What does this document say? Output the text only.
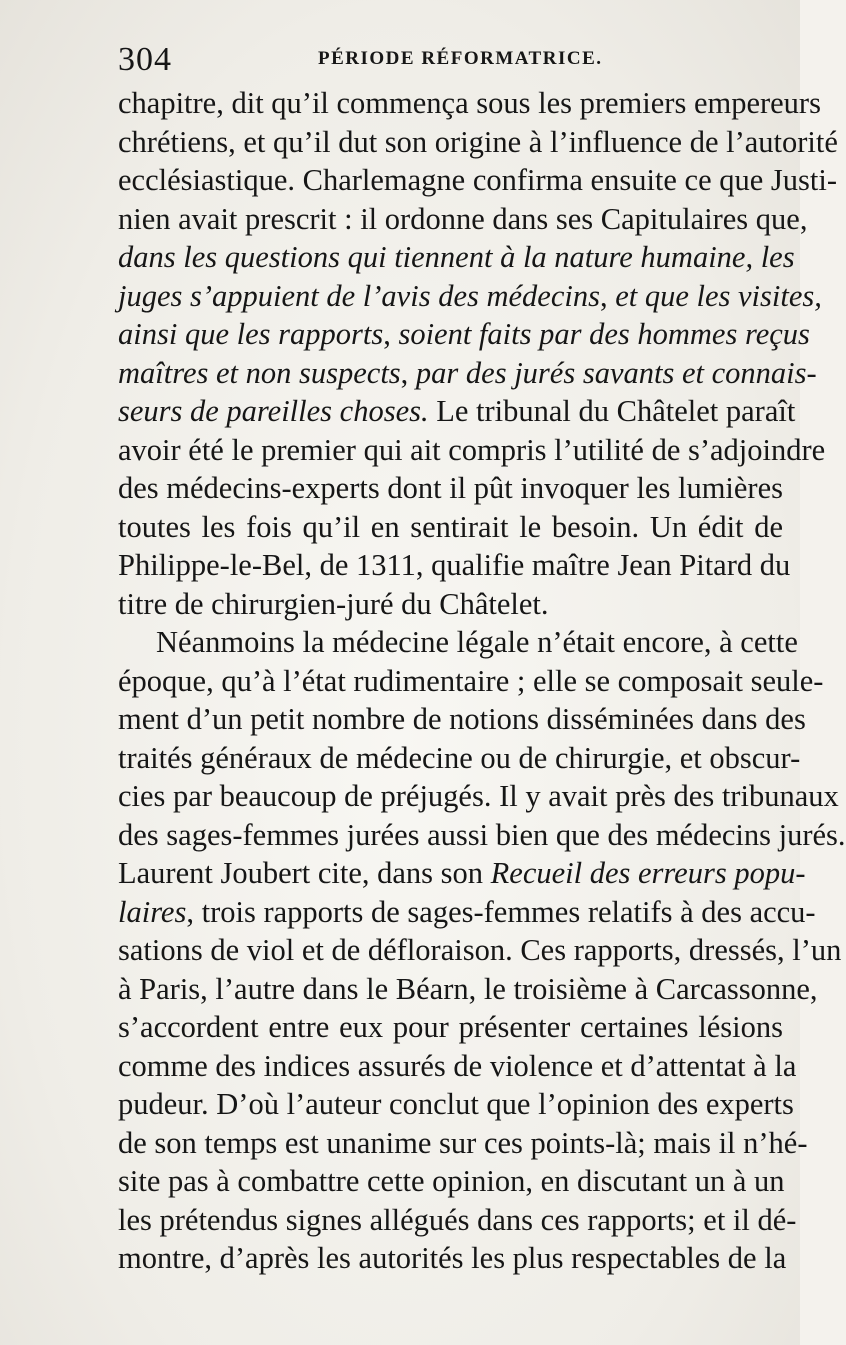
304	PÉRIODE RÉFORMATRICE.
chapitre, dit qu’il commença sous les premiers empereurs
chrétiens, et qu’il dut son origine à l’influence de l’autorité
ecclésiastique. Charlemagne confirma ensuite ce que Justi-
nien avait prescrit : il ordonne dans ses Capitulaires que,
dans les questions qui tiennent à la nature humaine, les
juges s’appuient de l’avis des médecins, et que les visites,
ainsi que les rapports, soient faits par des hommes reçus
maîtres et non suspects, par des jurés savants et connais-
seurs de pareilles choses. Le tribunal du Châtelet paraît
avoir été le premier qui ait compris l’utilité de s’adjoindre
des médecins-experts dont il pût invoquer les lumières
toutes les fois qu’il en sentirait le besoin. Un édit de
Philippe-le-Bel, de 1311, qualifie maître Jean Pitard du
titre de chirurgien-juré du Châtelet.
Néanmoins la médecine légale n’était encore, à cette
époque, qu’à l’état rudimentaire ; elle se composait seule-
ment d’un petit nombre de notions disséminées dans des
traités généraux de médecine ou de chirurgie, et obscur-
cies par beaucoup de préjugés. Il y avait près des tribunaux
des sages-femmes jurées aussi bien que des médecins jurés.
Laurent Joubert cite, dans son Recueil des erreurs popu-
laires, trois rapports de sages-femmes relatifs à des accu-
sations de viol et de défloraison. Ces rapports, dressés, l’un
à Paris, l’autre dans le Béarn, le troisième à Carcassonne,
s’accordent entre eux pour présenter certaines lésions
comme des indices assurés de violence et d’attentat à la
pudeur. D’où l’auteur conclut que l’opinion des experts
de son temps est unanime sur ces points-là; mais il n’hé-
site pas à combattre cette opinion, en discutant un à un
les prétendus signes allégués dans ces rapports; et il dé-
montre, d’après les autorités les plus respectables de la
